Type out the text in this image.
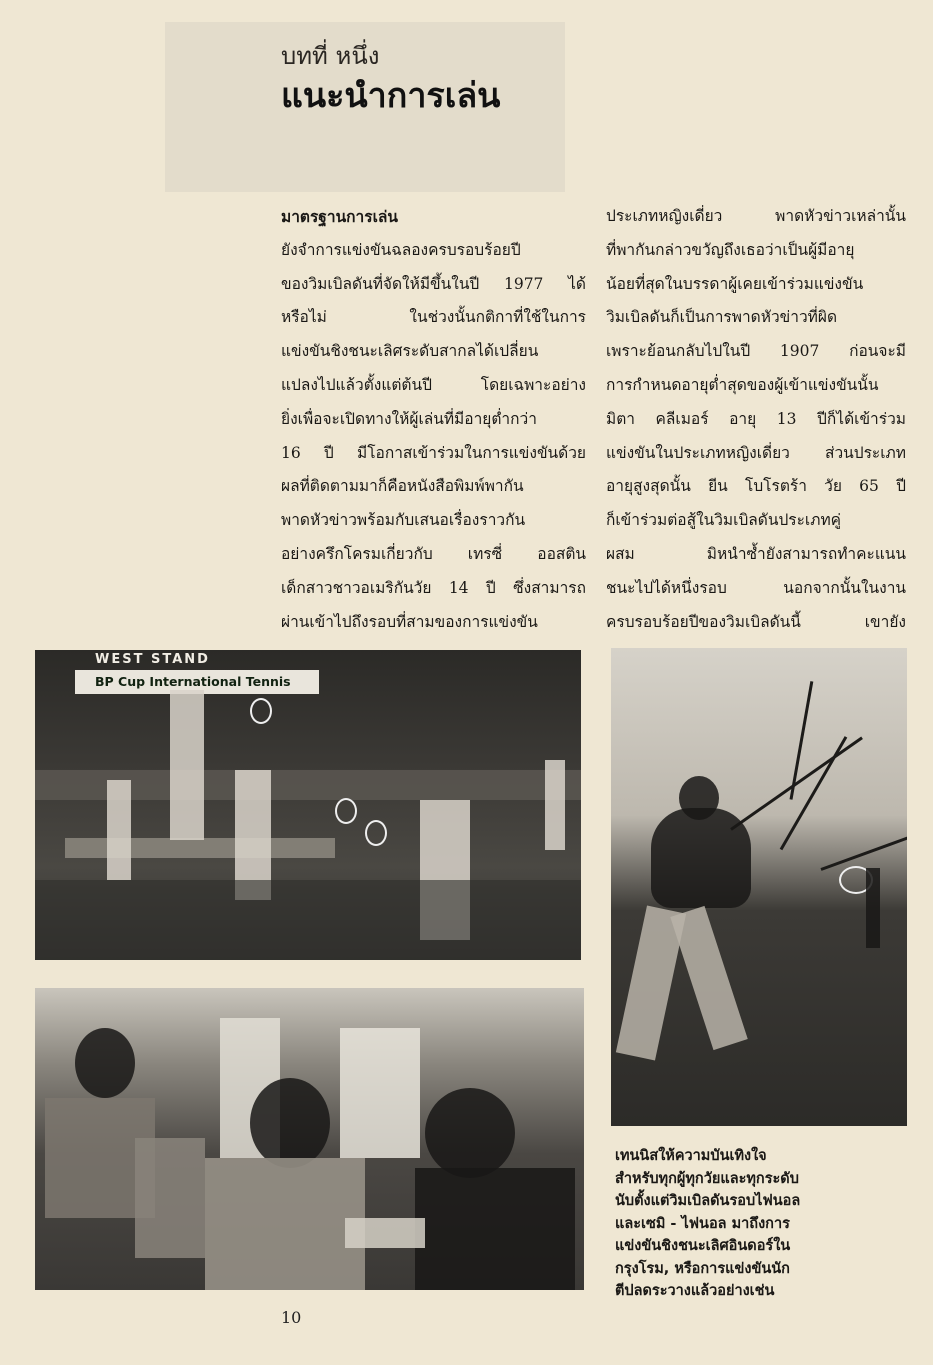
บทที่ หนึ่ง
แนะนำการเล่น
มาตรฐานการเล่น
ยังจำการแข่งขันฉลองครบรอบร้อยปี
ของวิมเบิลดันที่จัดให้มีขึ้นในปี 1977 ได้
หรือไม่ ในช่วงนั้นกติกาที่ใช้ในการ
แข่งขันชิงชนะเลิศระดับสากลได้เปลี่ยน
แปลงไปแล้วตั้งแต่ต้นปี โดยเฉพาะอย่าง
ยิ่งเพื่อจะเปิดทางให้ผู้เล่นที่มีอายุต่ำกว่า
16 ปี มีโอกาสเข้าร่วมในการแข่งขันด้วย
ผลที่ติดตามมาก็คือหนังสือพิมพ์พากัน
พาดหัวข่าวพร้อมกับเสนอเรื่องราวกัน
อย่างครึกโครมเกี่ยวกับ เทรซี่ ออสติน
เด็กสาวชาวอเมริกันวัย 14 ปี ซึ่งสามารถ
ผ่านเข้าไปถึงรอบที่สามของการแข่งขัน
ประเภทหญิงเดี่ยว พาดหัวข่าวเหล่านั้น
ที่พากันกล่าวขวัญถึงเธอว่าเป็นผู้มีอายุ
น้อยที่สุดในบรรดาผู้เคยเข้าร่วมแข่งขัน
วิมเบิลดันก็เป็นการพาดหัวข่าวที่ผิด
เพราะย้อนกลับไปในปี 1907 ก่อนจะมี
การกำหนดอายุต่ำสุดของผู้เข้าแข่งขันนั้น
มิตา คลีเมอร์ อายุ 13 ปีก็ได้เข้าร่วม
แข่งขันในประเภทหญิงเดี่ยว ส่วนประเภท
อายุสูงสุดนั้น ยีน โบโรตร้า วัย 65 ปี
ก็เข้าร่วมต่อสู้ในวิมเบิลดันประเภทคู่
ผสม มิหนำซ้ำยังสามารถทำคะแนน
ชนะไปได้หนึ่งรอบ นอกจากนั้นในงาน
ครบรอบร้อยปีของวิมเบิลดันนี้ เขายัง
WEST STAND
BP Cup International Tennis
เทนนิสให้ความบันเทิงใจ
สำหรับทุกผู้ทุกวัยและทุกระดับ
นับตั้งแต่วิมเบิลดันรอบไฟนอล
และเซมิ - ไฟนอล มาถึงการ
แข่งขันชิงชนะเลิศอินดอร์ใน
กรุงโรม, หรือการแข่งขันนัก
ตีปลดระวางแล้วอย่างเช่น
10
